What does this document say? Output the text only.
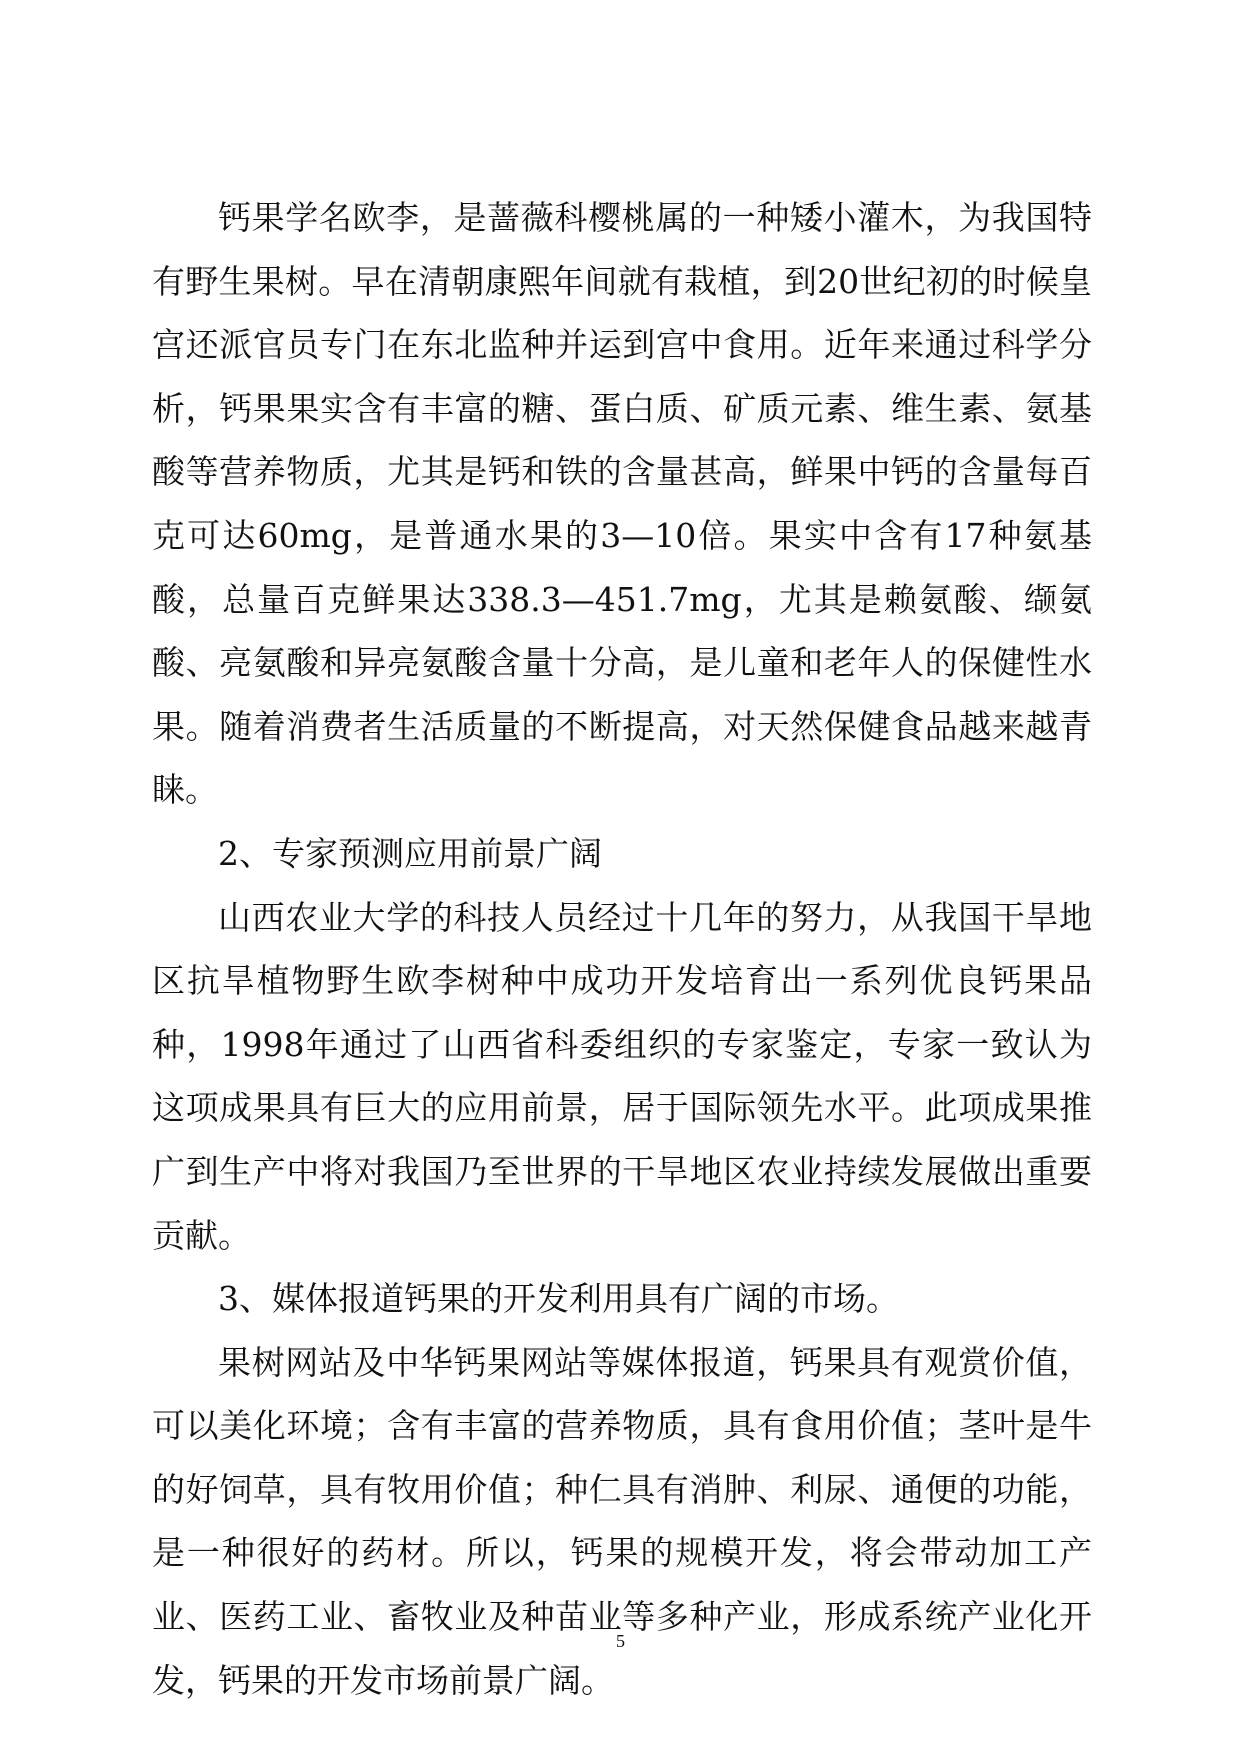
钙果学名欧李，是蔷薇科樱桃属的一种矮小灌木，为我国特有野生果树。早在清朝康熙年间就有栽植，到20世纪初的时候皇宫还派官员专门在东北监种并运到宫中食用。近年来通过科学分析，钙果果实含有丰富的糖、蛋白质、矿质元素、维生素、氨基酸等营养物质，尤其是钙和铁的含量甚高，鲜果中钙的含量每百克可达60mg，是普通水果的3—10倍。果实中含有17种氨基酸，总量百克鲜果达338.3—451.7mg，尤其是赖氨酸、缬氨酸、亮氨酸和异亮氨酸含量十分高，是儿童和老年人的保健性水果。随着消费者生活质量的不断提高，对天然保健食品越来越青睐。

2、专家预测应用前景广阔

山西农业大学的科技人员经过十几年的努力，从我国干旱地区抗旱植物野生欧李树种中成功开发培育出一系列优良钙果品种，1998年通过了山西省科委组织的专家鉴定，专家一致认为这项成果具有巨大的应用前景，居于国际领先水平。此项成果推广到生产中将对我国乃至世界的干旱地区农业持续发展做出重要贡献。

3、媒体报道钙果的开发利用具有广阔的市场。

果树网站及中华钙果网站等媒体报道，钙果具有观赏价值，可以美化环境；含有丰富的营养物质，具有食用价值；茎叶是牛的好饲草，具有牧用价值；种仁具有消肿、利尿、通便的功能，是一种很好的药材。所以，钙果的规模开发，将会带动加工产业、医药工业、畜牧业及种苗业等多种产业，形成系统产业化开发，钙果的开发市场前景广阔。

5
